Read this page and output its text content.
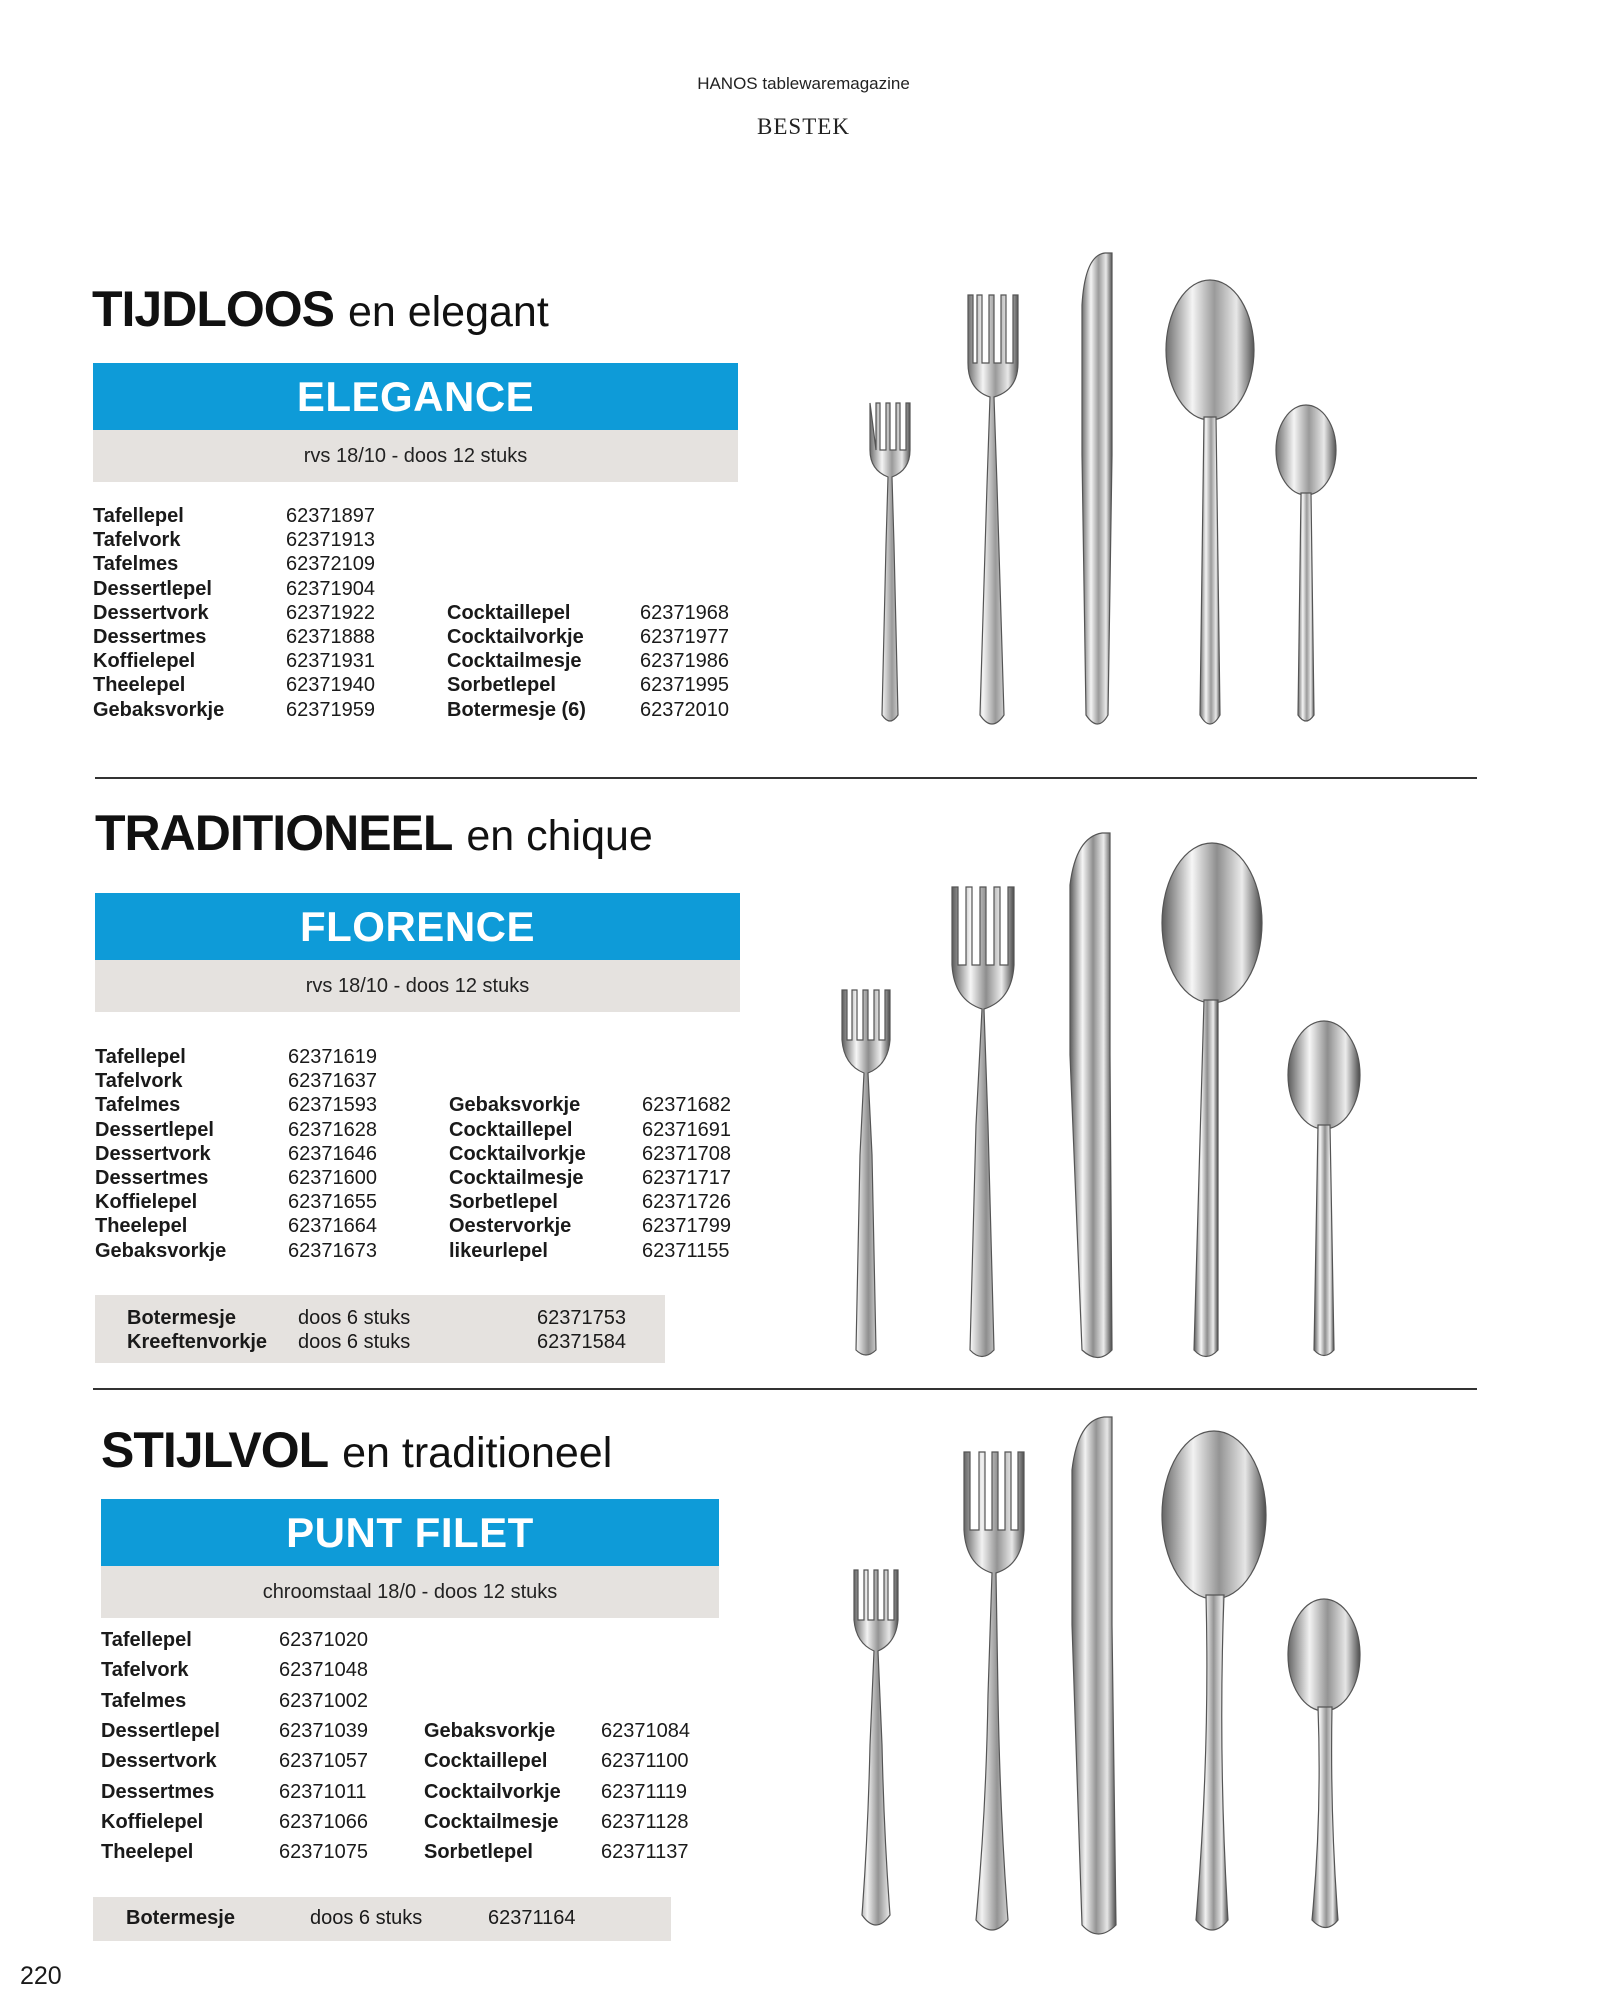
HANOS tablewaremagazine
BESTEK
TIJDLOOS en elegant
ELEGANCE
rvs 18/10 - doos 12 stuks
Tafellepel	62371897
Tafelvork	62371913
Tafelmes	62372109
Dessertlepel	62371904
Dessertvork	62371922
Dessertmes	62371888
Koffielepel	62371931
Theelepel	62371940
Gebaksvorkje	62371959
Cocktaillepel	62371968
Cocktailvorkje	62371977
Cocktailmesje	62371986
Sorbetlepel	62371995
Botermesje (6)	62372010
TRADITIONEEL en chique
FLORENCE
rvs 18/10 - doos 12 stuks
Tafellepel	62371619
Tafelvork	62371637
Tafelmes	62371593
Dessertlepel	62371628
Dessertvork	62371646
Dessertmes	62371600
Koffielepel	62371655
Theelepel	62371664
Gebaksvorkje	62371673
Gebaksvorkje	62371682
Cocktaillepel	62371691
Cocktailvorkje	62371708
Cocktailmesje	62371717
Sorbetlepel	62371726
Oestervorkje	62371799
likeurlepel	62371155
Botermesje	doos 6 stuks	62371753
Kreeftenvorkje doos 6 stuks	62371584
STIJLVOL en traditioneel
PUNT FILET
chroomstaal 18/0 - doos 12 stuks
Tafellepel	62371020
Tafelvork	62371048
Tafelmes	62371002
Dessertlepel	62371039
Dessertvork	62371057
Dessertmes	62371011
Koffielepel	62371066
Theelepel	62371075
Gebaksvorkje 62371084
Cocktaillepel	62371100
Cocktailvorkje 62371119
Cocktailmesje 62371128
Sorbetlepel	62371137
Botermesje	doos 6 stuks	62371164
220
